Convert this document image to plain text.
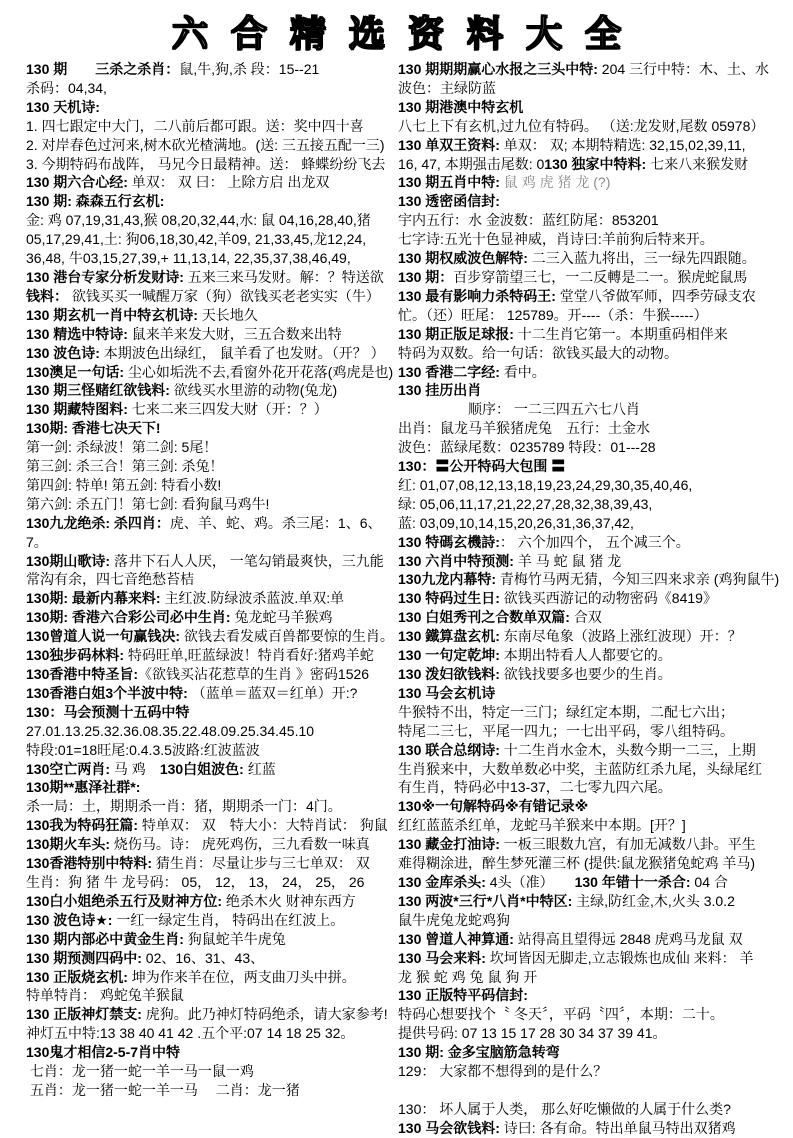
六合精选资料大全
130 期　　 三杀之杀肖：鼠,牛,狗,杀 段：15--21
杀码：04,34,
130 天机诗:
1. 四七跟定中大门，二八前后都可跟。送：奖中四十喜
2. 对岸春色过河来,树木砍光楂满地。(送: 三五接五配一三)
3. 今期特码布战阵， 马兄今日最精神。送： 蜂蝶纷纷飞去
130 期六合心经: 单双： 双 曰： 上除方启 出龙双
130 期: 森森五行玄机:
金: 鸡 07,19,31,43,猴 08,20,32,44,水: 鼠 04,16,28,40,猪
05,17,29,41,土: 狗06,18,30,42,羊09, 21,33,45,龙12,24,
36,48, 牛03,15,27,39,+ 11,13,14, 22,35,37,38,46,49,
130 港台专家分析发财诗: 五来三来马发财。解：？特送欲
钱料： 欲钱买买一喊醒万家（狗）欲钱买老老实实（牛）
130 期玄机一肖中特玄机诗: 天长地久
130 精选中特诗: 鼠来羊来发大财，三五合数来出特
130 波色诗: 本期波色出绿红， 鼠羊看了也发财。（开？ ）
130澳足一句话: 尘心如垢洗不去,看窗外花开花落(鸡虎是也)
130 期三怪赌红欲钱料: 欲线买水里游的动物(兔龙)
130 期藏特图料: 七来二来三四发大财（开：？）
130期: 香港七决天下!
第一剑: 杀绿波！第二剑: 5尾！
第三剑: 杀三合！第三剑: 杀兔！
第四剑: 特单! 第五剑: 特看小数!
第六剑: 杀五门！第七剑: 看狗鼠马鸡牛!
130九龙绝杀: 杀四肖：虎、羊、蛇、鸡。杀三尾：1、6、7。
130期山歌诗: 落井下石人人厌， 一笔勾销最爽快，三九能
常沟有余，四七音绝愁苔桔
130期: 最新内幕来料: 主红波.防绿波杀蓝波.单双:单
130期: 香港六合彩公司必中生肖: 兔龙蛇马羊猴鸡
130曾道人说一句赢钱决: 欲钱去看发威百兽都要惊的生肖。
130独步码林料: 特码旺单,旺蓝绿波！特肖看好:猪鸡羊蛇
130香港中特圣旨:《欲钱买沾花惹草的生肖 》密码1526
130香港白姐3个半波中特: （蓝单＝蓝双＝红单）开:?
130：马会预测十五码中特
27.01.13.25.32.36.08.35.22.48.09.25.34.45.10
特段:01=18旺尾:0.4.3.5波路:红波蓝波
130空亡两肖: 马 鸡　130白姐波色: 红蓝
130期**惠泽社群*:
杀一局：土，期期杀一肖：猪，期期杀一门：4门。
130我为特码狂篇: 特单双： 双　特大小：大特肖试： 狗鼠
130期火车头: 烧伤马。诗： 虎死鸡伤，三九看数一味真
130香港特别中特料: 猜生肖：尽量让步与三七单双： 双
生肖：狗 猪 牛 龙号码： 05， 12， 13， 24， 25， 26
130白小姐绝杀五行及财神方位: 绝杀木火 财神东西方
130 波色诗★: 一红一绿定生肖， 特码出在红波上。
130 期内部必中黄金生肖: 狗鼠蛇羊牛虎兔
130 期预测四码中: 02、16、31、43、
130 正版烧玄机: 坤为作来羊在位，两支曲刀头中拼。
特单特肖： 鸡蛇兔羊猴鼠
130 正版神灯禁支: 虎狗。此乃神灯特码绝杀，请大家参考!
神灯五中特:13 38 40 41 42 .五个平:07 14 18 25 32。
130鬼才相信2-5-7肖中特
七肖：龙一猪一蛇一羊一马一鼠一鸡
五肖：龙一猪一蛇一羊一马　 二肖：龙一猪
130 期期期赢心水报之三头中特: 204 三行中特：木、土、水
波色：主绿防蓝
130 期港澳中特玄机
八七上下有玄机,过九位有特码。 （送:龙发财,尾数 05978）
130 单双王资料: 单双： 双; 本期特精选: 32,15,02,39,11,
16, 47, 本期强击尾数: 0130 独家中特料: 七来八来猴发财
130 期五肖中特: 鼠 鸡 虎 猪 龙 (?)
130 透密函信封:
宇内五行：水 金波数：蓝红防尾：853201
七字诗:五光十色显神威，肖诗曰:羊前狗后特来开。
130 期权威波色解特: 二三入蓝九将出，三一绿先四跟随。
130 期：百步穿箭望三七，一二反轉是二一。猴虎蛇鼠馬
130 最有影响力杀特码王: 堂堂八爷做军师，四季劳碌支农
忙。（还）旺尾： 125789。开----（杀：牛猴-----）
130 期正版足球报: 十二生肖它第一。本期重码相伴来
特码为双数。给一句话：欲钱买最大的动物。
130 香港二字经: 看中。
130 挂历出肖
　　　　　顺序： 一二三四五六七八肖
出肖：鼠龙马羊猴猪虎兔　五行：土金水
波色：蓝绿尾数：0235789 特段：01---28
130：〓公开特码大包围 〓
红: 01,07,08,12,13,18,19,23,24,29,30,35,40,46,
绿: 05,06,11,17,21,22,27,28,32,38,39,43,
蓝: 03,09,10,14,15,20,26,31,36,37,42,
130 特碼玄機詩:： 六个加四个， 五个减三个。
130 六肖中特预测: 羊 马 蛇 鼠 猪 龙
130九龙内幕特: 青梅竹马两无猜，今知三四来求亲 (鸡狗鼠牛)
130 特码过生日: 欲钱买西游记的动物密码《8419》
130 白姐秀刊之合数单双篇: 合双
130 鐵算盘玄机: 东南尽龟象（波路上涨红波现）开：？
130 一句定乾坤: 本期出特看人人都要它的。
130 泼妇欲钱料: 欲钱找要多也要少的生肖。
130 马会玄机诗
牛猴特不出，特定一三门；绿红定本期，二配七六出；
特尾二三七，平尾一四九；一七出平码，零八组特码。
130 联合总纲诗: 十二生肖水金木，头数今期一二三，上期
生肖猴来中，大数单数必中奖，主蓝防红杀九尾，头绿尾红
有生肖，特码必中13-37，二七零九四六尾。
130※一句解特码※有错记录※
红红蓝蓝杀红单，龙蛇马羊猴来中本期。[开？]
130 藏金打油诗: 一板三眼数九宫，有加无减数八卦。平生
难得糊涂进，醉生梦死灌三杯 (提供:鼠龙猴猪兔蛇鸡 羊马)
130 金库杀头: 4头（准）　　130 年错十一杀合: 04 合
130 两波*三行*八肖*中特区: 主绿,防红金,木,火头 3.0.2
鼠牛虎兔龙蛇鸡狗
130 曾道人神算通: 站得高且望得远 2848 虎鸡马龙鼠 双
130 马会来料: 坎坷皆因无脚走,立志锻炼也成仙 来料： 羊
龙 猴 蛇 鸡 兔 鼠 狗 开
130 正版特平码信封:
特码心想要找个〝 冬天〞，平码〝四〞，本期：二十。
提供号码: 07 13 15 17 28 30 34 37 39 41。
130 期: 金多宝脑筋急转弯
129： 大家都不想得到的是什么？
130： 坏人属于人类， 那么好吃懒做的人属于什么类?
130 马会欲钱料: 诗曰: 各有命。特出单鼠马特出双猪鸡
